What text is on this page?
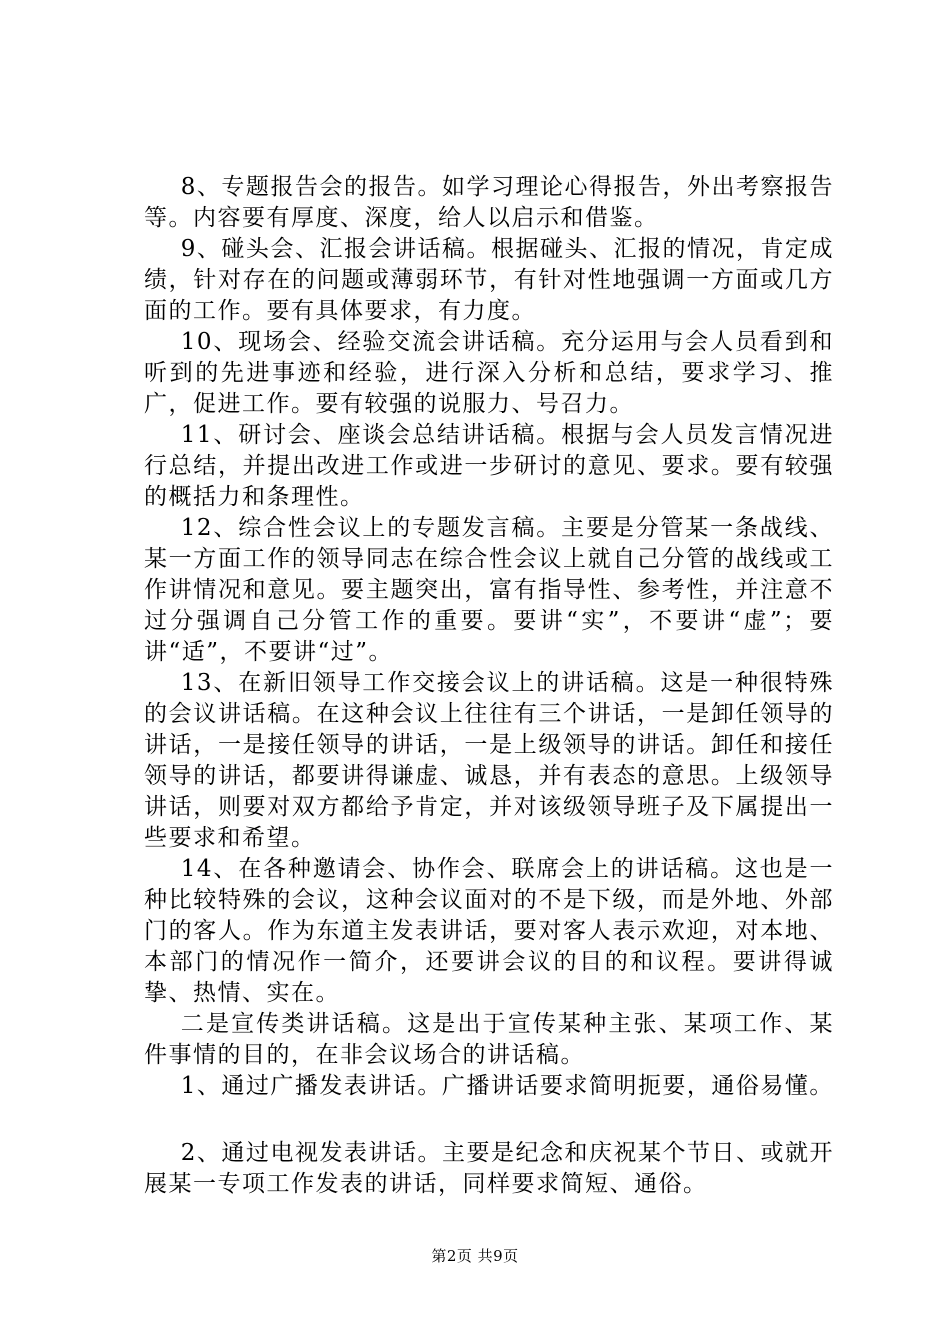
8、专题报告会的报告。如学习理论心得报告，外出考察报告等。内容要有厚度、深度，给人以启示和借鉴。

9、碰头会、汇报会讲话稿。根据碰头、汇报的情况，肯定成绩，针对存在的问题或薄弱环节，有针对性地强调一方面或几方面的工作。要有具体要求，有力度。

10、现场会、经验交流会讲话稿。充分运用与会人员看到和听到的先进事迹和经验，进行深入分析和总结，要求学习、推广，促进工作。要有较强的说服力、号召力。

11、研讨会、座谈会总结讲话稿。根据与会人员发言情况进行总结，并提出改进工作或进一步研讨的意见、要求。要有较强的概括力和条理性。

12、综合性会议上的专题发言稿。主要是分管某一条战线、某一方面工作的领导同志在综合性会议上就自己分管的战线或工作讲情况和意见。要主题突出，富有指导性、参考性，并注意不过分强调自己分管工作的重要。要讲“实”，不要讲“虚”；要讲“适”，不要讲“过”。

13、在新旧领导工作交接会议上的讲话稿。这是一种很特殊的会议讲话稿。在这种会议上往往有三个讲话，一是卸任领导的讲话，一是接任领导的讲话，一是上级领导的讲话。卸任和接任领导的讲话，都要讲得谦虚、诚恳，并有表态的意思。上级领导讲话，则要对双方都给予肯定，并对该级领导班子及下属提出一些要求和希望。

14、在各种邀请会、协作会、联席会上的讲话稿。这也是一种比较特殊的会议，这种会议面对的不是下级，而是外地、外部门的客人。作为东道主发表讲话，要对客人表示欢迎，对本地、本部门的情况作一简介，还要讲会议的目的和议程。要讲得诚挚、热情、实在。

二是宣传类讲话稿。这是出于宣传某种主张、某项工作、某件事情的目的，在非会议场合的讲话稿。

1、通过广播发表讲话。广播讲话要求简明扼要，通俗易懂。

2、通过电视发表讲话。主要是纪念和庆祝某个节日、或就开展某一专项工作发表的讲话，同样要求简短、通俗。

第2页 共9页
